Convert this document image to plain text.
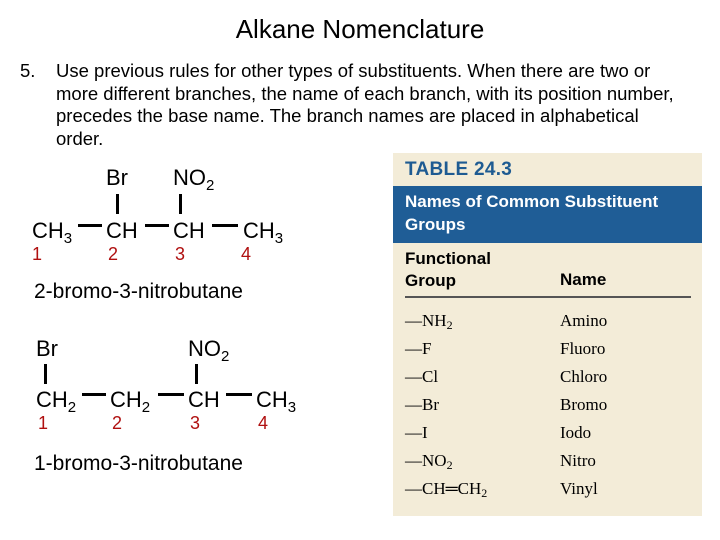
Alkane Nomenclature
5. Use previous rules for other types of substituents. When there are two or more different branches, the name of each branch, with its position number, precedes the base name. The branch names are placed in alphabetical order.
Br $NO_2$
$CH_3$ CH CH $CH_3$
1	2	3	4
2-bromo-3-nitrobutane
Br	$NO_2$
$CH_2$ $CH_2$ CH $CH_3$
1	2	3	4
1-bromo-3-nitrobutane
TABLE 24.3
Names of Common Substituent Groups
Functional Group	Name
—NH2	Amino
—F	Fluoro
—Cl	Chloro
—Br	Bromo
—I	Iodo
—NO2	Nitro
—CH═CH2	Vinyl
